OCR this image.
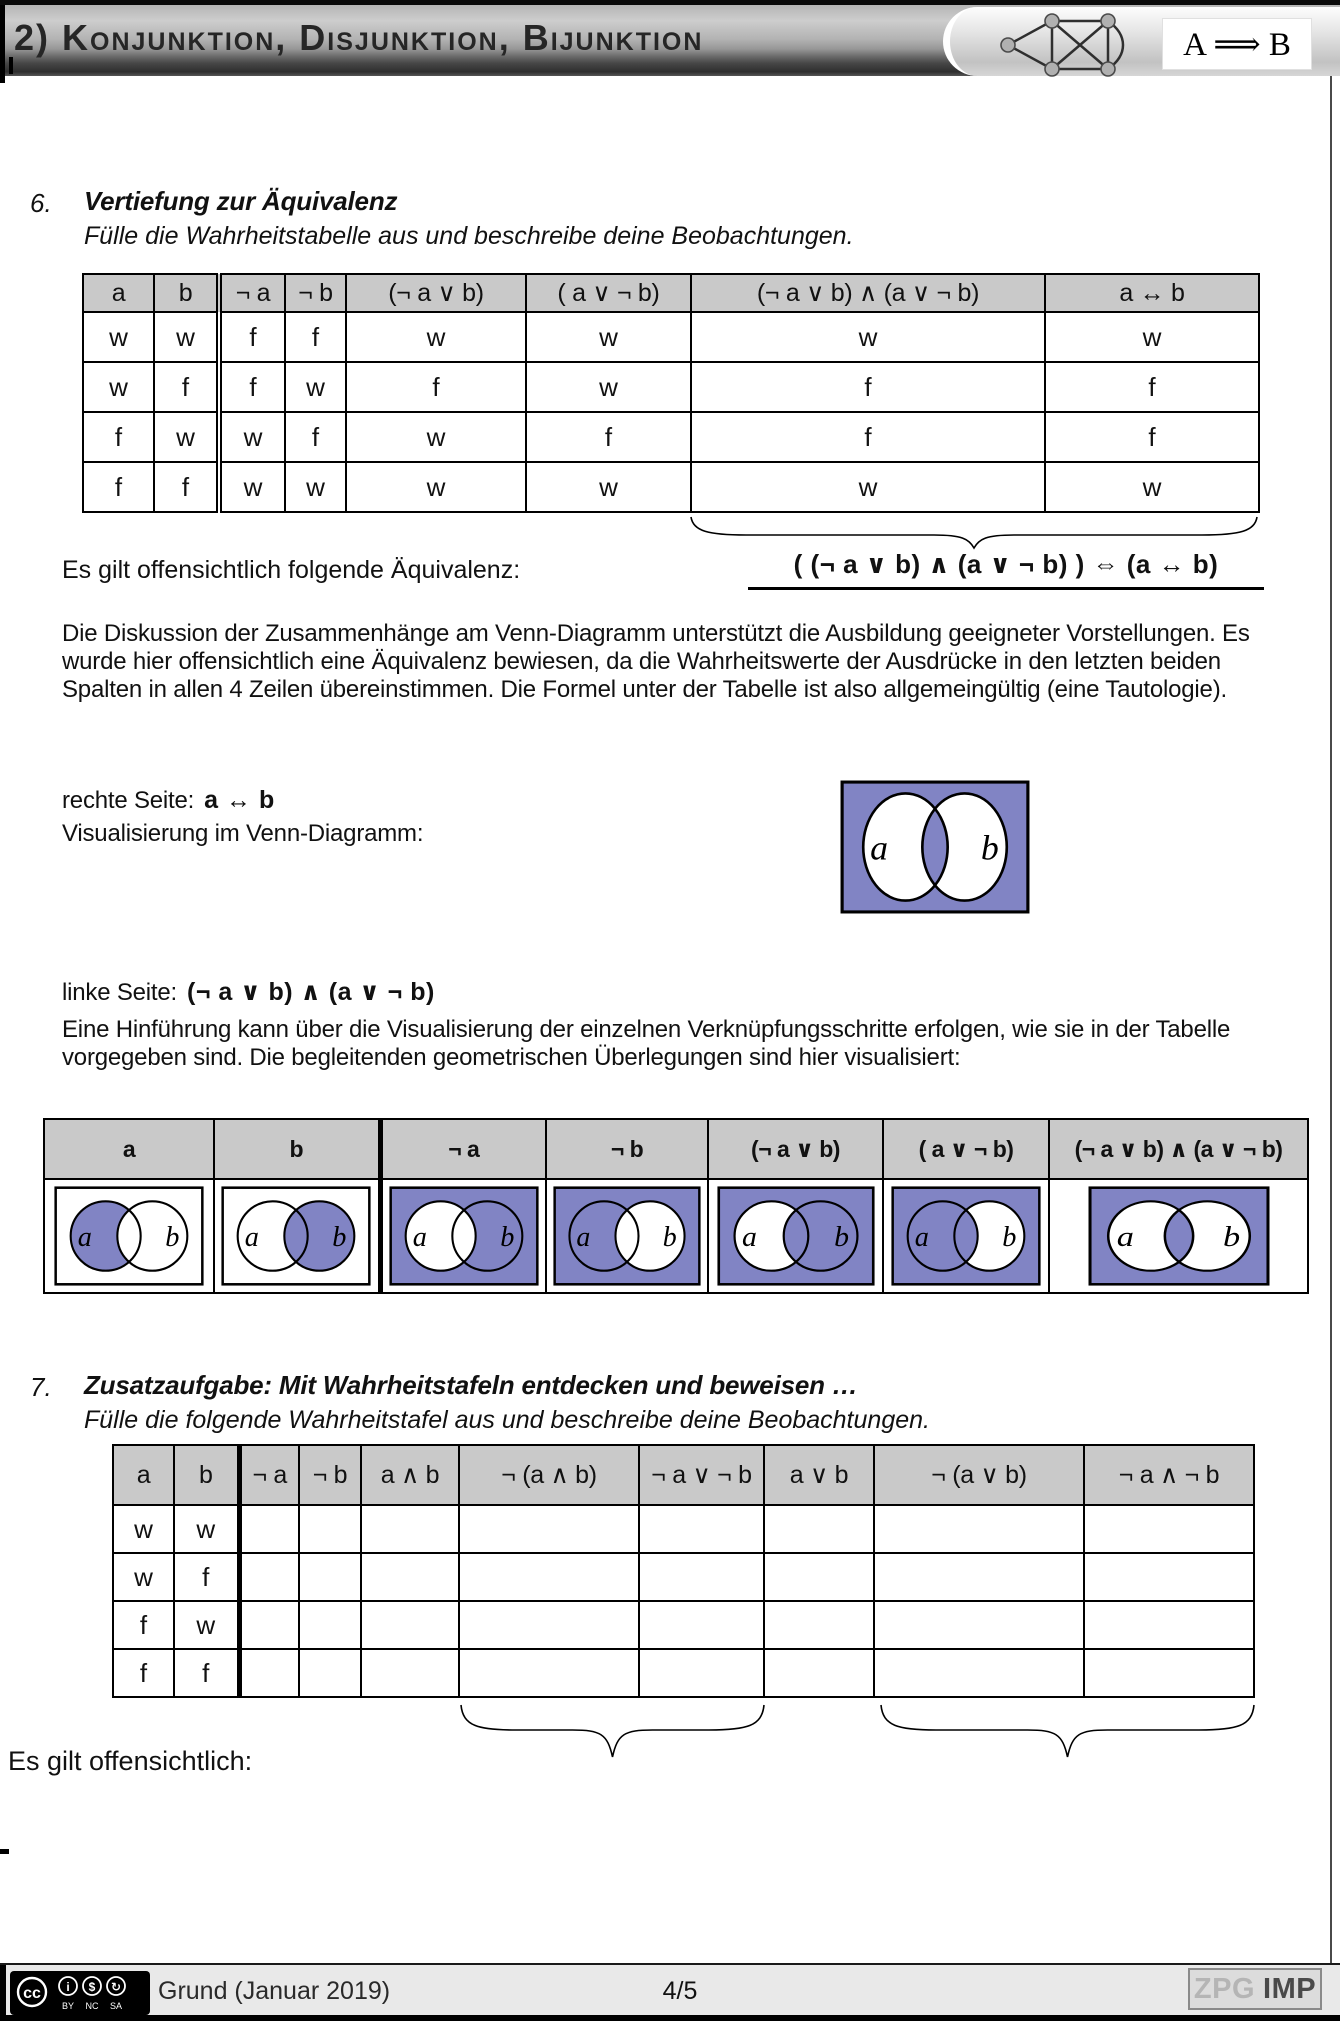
2) Konjunktion, Disjunktion, Bijunktion	A ⟹ B
6. Vertiefung zur Äquivalenz
Fülle die Wahrheitstabelle aus und beschreibe deine Beobachtungen.
a	b	¬ a	¬ b	(¬ a ∨ b)	( a ∨ ¬ b)	(¬ a ∨ b) ∧ (a ∨ ¬ b)	a ↔ b
w	w	f	f	w	w	w	w
w	f	f	w	f	w	f	f
f	w	w	f	w	f	f	f
f	f	w	w	w	w	w	w
Es gilt offensichtlich folgende Äquivalenz:	( (¬ a ∨ b) ∧ (a ∨ ¬ b) ) ⇔ (a ↔ b)
Die Diskussion der Zusammenhänge am Venn-Diagramm unterstützt die Ausbildung geeigneter Vorstellungen. Es wurde hier offensichtlich eine Äquivalenz bewiesen, da die Wahrheitswerte der Ausdrücke in den letzten beiden Spalten in allen 4 Zeilen übereinstimmen. Die Formel unter der Tabelle ist also allgemeingültig (eine Tautologie).
rechte Seite: a ↔ b
Visualisierung im Venn-Diagramm:	a	b
linke Seite: (¬ a ∨ b) ∧ (a ∨ ¬ b)
Eine Hinführung kann über die Visualisierung der einzelnen Verknüpfungsschritte erfolgen, wie sie in der Tabelle vorgegeben sind. Die begleitenden geometrischen Überlegungen sind hier visualisiert:
a	b	¬ a	¬ b	(¬ a ∨ b)	( a ∨ ¬ b)	(¬ a ∨ b) ∧ (a ∨ ¬ b)

a b	a b	a b	a b	a b	a b	a b
7. Zusatzaufgabe: Mit Wahrheitstafeln entdecken und beweisen …
Fülle die folgende Wahrheitstafel aus und beschreibe deine Beobachtungen.
a	b	¬ a	¬ b	a ∧ b	¬ (a ∧ b)	¬ a ∨ ¬ b	a ∨ b	¬ (a ∨ b)	¬ a ∧ ¬ b
w	w								
w	f								
f	w								
f	f								
Es gilt offensichtlich:
cc i $ ↻
BY NC SA
Grund (Januar 2019)	4/5	ZPG IMP
